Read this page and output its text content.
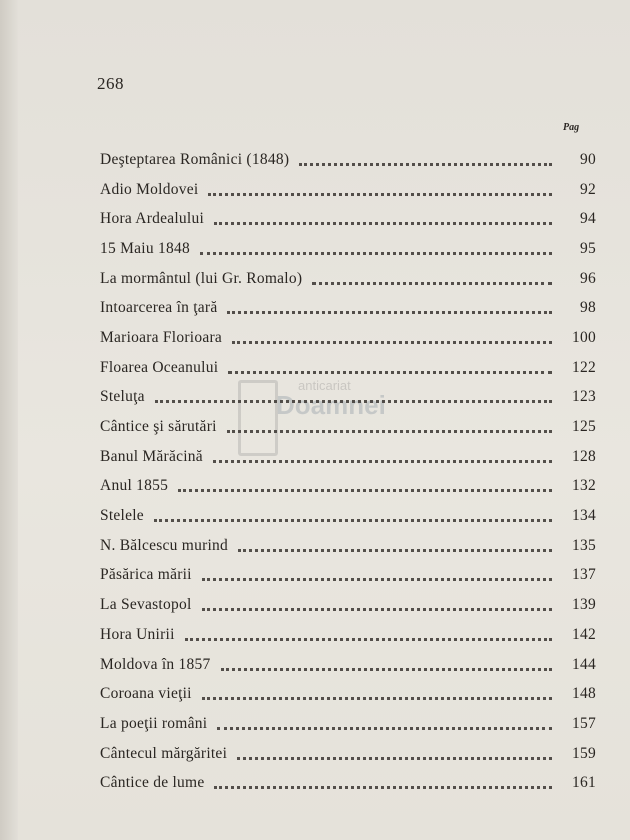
268
Pag
anticariat
Doamnei
Deşteptarea Românici (1848)	90
Adio Moldovei	92
Hora Ardealului	94
15 Maiu 1848	95
La mormântul (lui Gr. Romalo)	96
Intoarcerea în ţară	98
Marioara Florioara	100
Floarea Oceanului	122
Steluţa	123
Cântice şi sărutări	125
Banul Mărăcină	128
Anul 1855	132
Stelele	134
N. Bălcescu murind	135
Păsărica mării	137
La Sevastopol	139
Hora Unirii	142
Moldova în 1857	144
Coroana vieţii	148
La poeţii români	157
Cântecul mărgăritei	159
Cântice de lume	161
